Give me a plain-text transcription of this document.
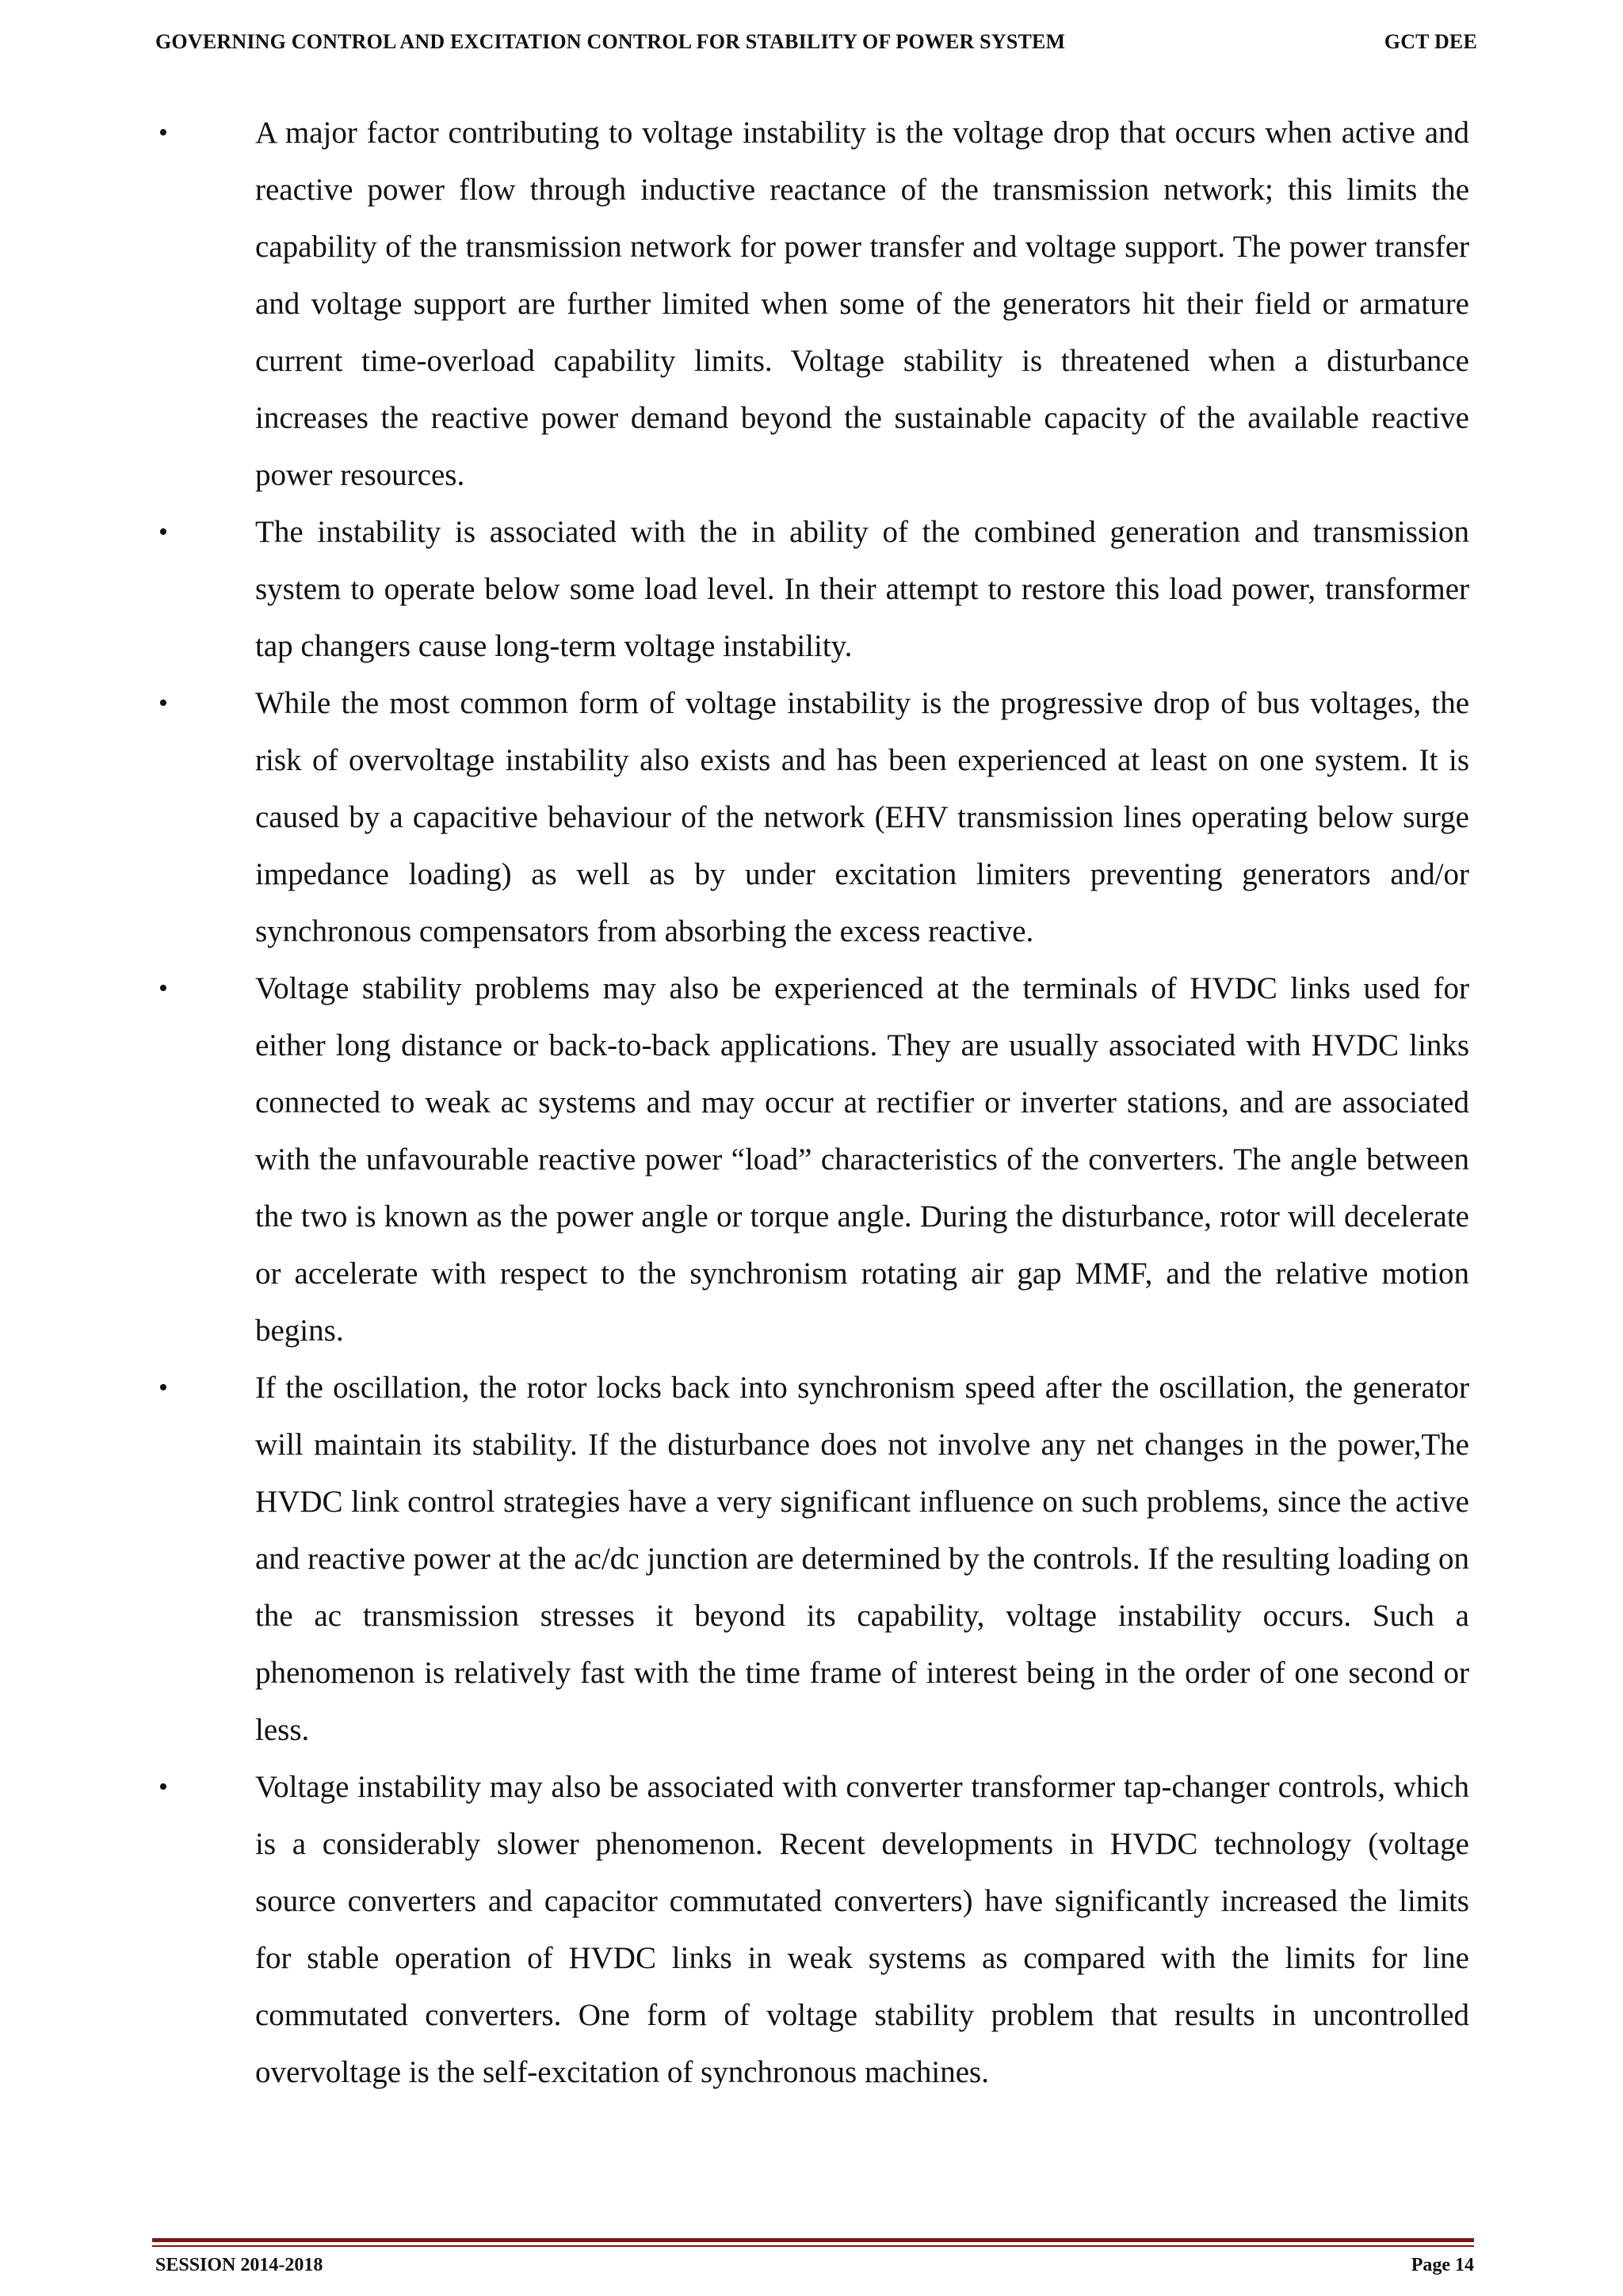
GOVERNING CONTROL AND EXCITATION CONTROL FOR STABILITY OF POWER SYSTEM	GCT DEE
•	A major factor contributing to voltage instability is the voltage drop that occurs when active and reactive power flow through inductive reactance of the transmission network; this limits the capability of the transmission network for power transfer and voltage support. The power transfer and voltage support are further limited when some of the generators hit their field or armature current time-overload capability limits. Voltage stability is threatened when a disturbance increases the reactive power demand beyond the sustainable capacity of the available reactive power resources.
•	The instability is associated with the in ability of the combined generation and transmission system to operate below some load level. In their attempt to restore this load power, transformer tap changers cause long-term voltage instability.
•	While the most common form of voltage instability is the progressive drop of bus voltages, the risk of overvoltage instability also exists and has been experienced at least on one system. It is caused by a capacitive behaviour of the network (EHV transmission lines operating below surge impedance loading) as well as by under excitation limiters preventing generators and/or synchronous compensators from absorbing the excess reactive.
•	Voltage stability problems may also be experienced at the terminals of HVDC links used for either long distance or back-to-back applications. They are usually associated with HVDC links connected to weak ac systems and may occur at rectifier or inverter stations, and are associated with the unfavourable reactive power “load” characteristics of the converters. The angle between the two is known as the power angle or torque angle. During the disturbance, rotor will decelerate or accelerate with respect to the synchronism rotating air gap MMF, and the relative motion begins.
•	If the oscillation, the rotor locks back into synchronism speed after the oscillation, the generator will maintain its stability. If the disturbance does not involve any net changes in the power,The HVDC link control strategies have a very significant influence on such problems, since the active and reactive power at the ac/dc junction are determined by the controls. If the resulting loading on the ac transmission stresses it beyond its capability, voltage instability occurs. Such a phenomenon is relatively fast with the time frame of interest being in the order of one second or less.
•	Voltage instability may also be associated with converter transformer tap-changer controls, which is a considerably slower phenomenon. Recent developments in HVDC technology (voltage source converters and capacitor commutated converters) have significantly increased the limits for stable operation of HVDC links in weak systems as compared with the limits for line commutated converters. One form of voltage stability problem that results in uncontrolled overvoltage is the self-excitation of synchronous machines.
SESSION 2014-2018	Page 14
